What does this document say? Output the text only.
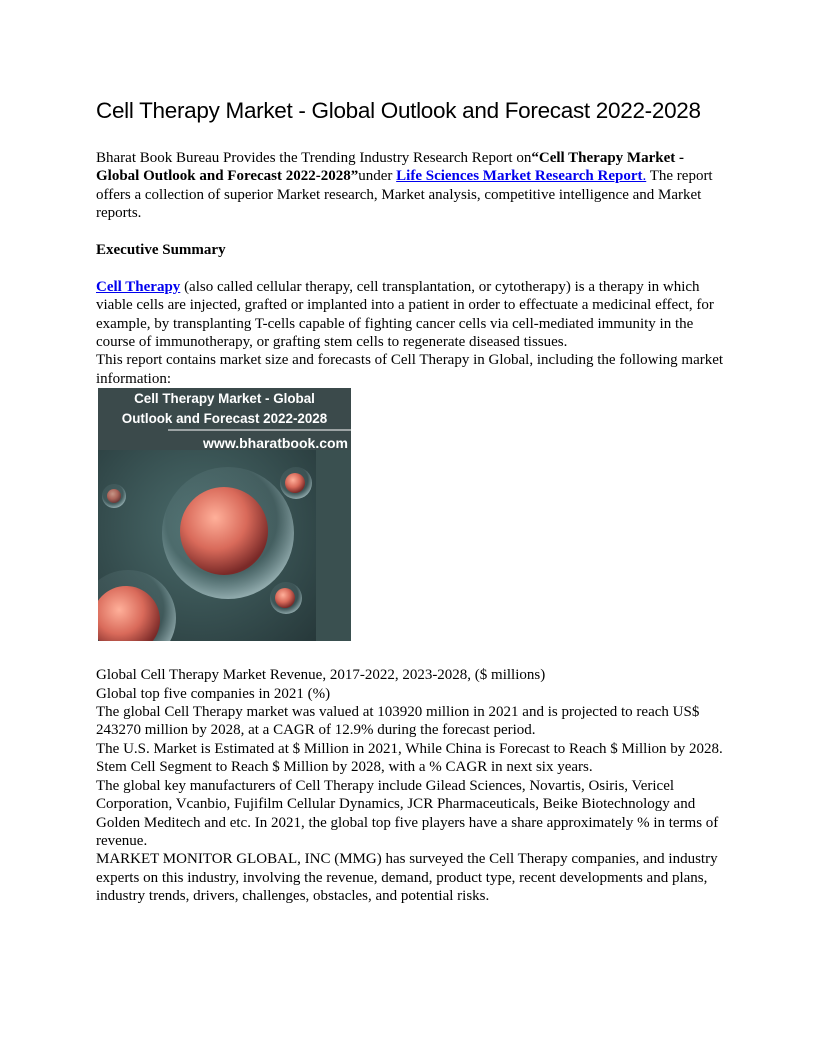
Cell Therapy Market - Global Outlook and Forecast 2022-2028

Bharat Book Bureau Provides the Trending Industry Research Report on“Cell Therapy Market - Global Outlook and Forecast 2022-2028”under Life Sciences Market Research Report. The report offers a collection of superior Market research, Market analysis, competitive intelligence and Market reports.

Executive Summary

Cell Therapy (also called cellular therapy, cell transplantation, or cytotherapy) is a therapy in which viable cells are injected, grafted or implanted into a patient in order to effectuate a medicinal effect, for example, by transplanting T-cells capable of fighting cancer cells via cell-mediated immunity in the course of immunotherapy, or grafting stem cells to regenerate diseased tissues.

This report contains market size and forecasts of Cell Therapy in Global, including the following market information:

Cell Therapy Market - Global
Outlook and Forecast 2022-2028
www.bharatbook.com

Global Cell Therapy Market Revenue, 2017-2022, 2023-2028, ($ millions)

Global top five companies in 2021 (%)

The global Cell Therapy market was valued at 103920 million in 2021 and is projected to reach US$ 243270 million by 2028, at a CAGR of 12.9% during the forecast period.

The U.S. Market is Estimated at $ Million in 2021, While China is Forecast to Reach $ Million by 2028.

Stem Cell Segment to Reach $ Million by 2028, with a % CAGR in next six years.

The global key manufacturers of Cell Therapy include Gilead Sciences, Novartis, Osiris, Vericel Corporation, Vcanbio, Fujifilm Cellular Dynamics, JCR Pharmaceuticals, Beike Biotechnology and Golden Meditech and etc. In 2021, the global top five players have a share approximately % in terms of revenue.

MARKET MONITOR GLOBAL, INC (MMG) has surveyed the Cell Therapy companies, and industry experts on this industry, involving the revenue, demand, product type, recent developments and plans, industry trends, drivers, challenges, obstacles, and potential risks.
